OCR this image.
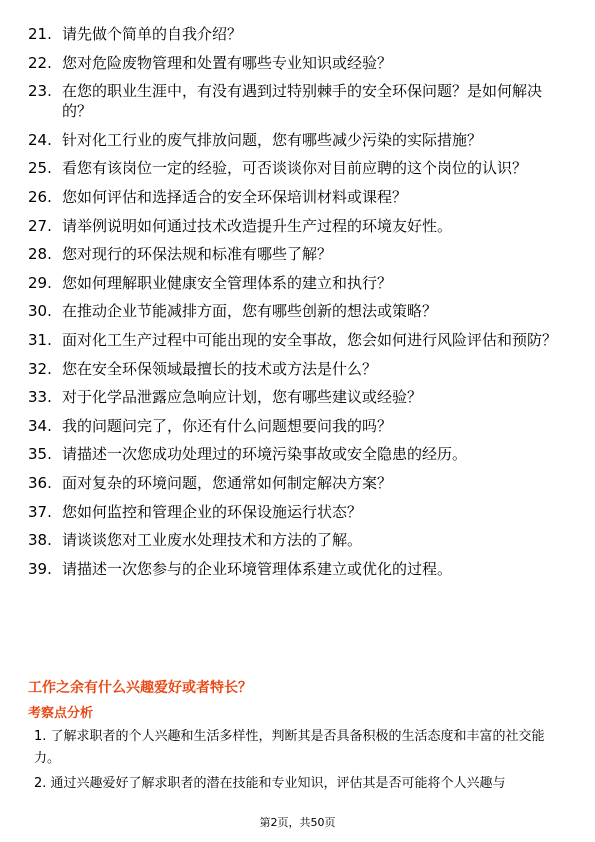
21. 请先做个简单的自我介绍？
22. 您对危险废物管理和处置有哪些专业知识或经验？
23. 在您的职业生涯中，有没有遇到过特别棘手的安全环保问题？是如何解决的？
24. 针对化工行业的废气排放问题，您有哪些减少污染的实际措施？
25. 看您有该岗位一定的经验，可否谈谈你对目前应聘的这个岗位的认识？
26. 您如何评估和选择适合的安全环保培训材料或课程？
27. 请举例说明如何通过技术改造提升生产过程的环境友好性。
28. 您对现行的环保法规和标准有哪些了解？
29. 您如何理解职业健康安全管理体系的建立和执行？
30. 在推动企业节能减排方面，您有哪些创新的想法或策略？
31. 面对化工生产过程中可能出现的安全事故，您会如何进行风险评估和预防？
32. 您在安全环保领域最擅长的技术或方法是什么？
33. 对于化学品泄露应急响应计划，您有哪些建议或经验？
34. 我的问题问完了，你还有什么问题想要问我的吗？
35. 请描述一次您成功处理过的环境污染事故或安全隐患的经历。
36. 面对复杂的环境问题，您通常如何制定解决方案？
37. 您如何监控和管理企业的环保设施运行状态？
38. 请谈谈您对工业废水处理技术和方法的了解。
39. 请描述一次您参与的企业环境管理体系建立或优化的过程。
工作之余有什么兴趣爱好或者特长？
考察点分析
1. 了解求职者的个人兴趣和生活多样性，判断其是否具备积极的生活态度和丰富的社交能力。
2. 通过兴趣爱好了解求职者的潜在技能和专业知识，评估其是否可能将个人兴趣与
第2页，共50页
